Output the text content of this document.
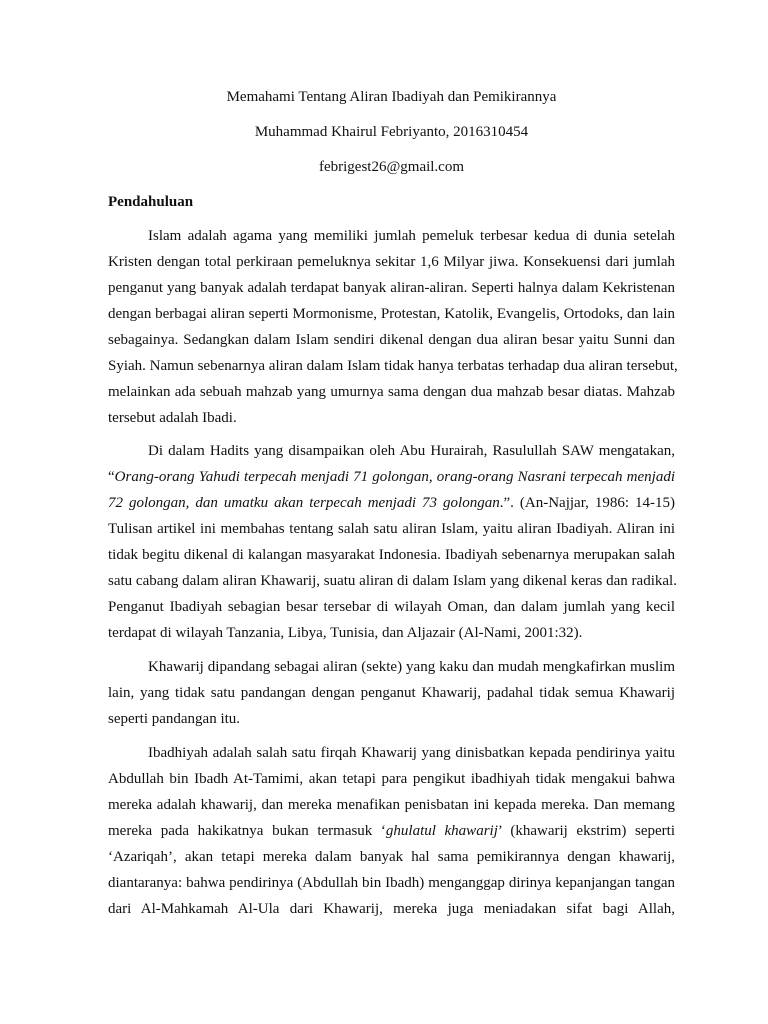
Memahami Tentang Aliran Ibadiyah dan Pemikirannya
Muhammad Khairul Febriyanto, 2016310454
febrigest26@gmail.com
Pendahuluan
Islam adalah agama yang memiliki jumlah pemeluk terbesar kedua di dunia setelah
Kristen dengan total perkiraan pemeluknya sekitar 1,6 Milyar jiwa. Konsekuensi dari jumlah
penganut yang banyak adalah terdapat banyak aliran-aliran. Seperti halnya dalam Kekristenan
dengan berbagai aliran seperti Mormonisme, Protestan, Katolik, Evangelis, Ortodoks, dan lain
sebagainya. Sedangkan dalam Islam sendiri dikenal dengan dua aliran besar yaitu Sunni dan
Syiah. Namun sebenarnya aliran dalam Islam tidak hanya terbatas terhadap dua aliran tersebut,
melainkan ada sebuah mahzab yang umurnya sama dengan dua mahzab besar diatas. Mahzab
tersebut adalah Ibadi.
Di dalam Hadits yang disampaikan oleh Abu Hurairah, Rasulullah SAW mengatakan,
“Orang-orang Yahudi terpecah menjadi 71 golongan, orang-orang Nasrani terpecah menjadi
72 golongan, dan umatku akan terpecah menjadi 73 golongan.”. (An-Najjar, 1986: 14-15)
Tulisan artikel ini membahas tentang salah satu aliran Islam, yaitu aliran Ibadiyah. Aliran ini
tidak begitu dikenal di kalangan masyarakat Indonesia. Ibadiyah sebenarnya merupakan salah
satu cabang dalam aliran Khawarij, suatu aliran di dalam Islam yang dikenal keras dan radikal.
Penganut Ibadiyah sebagian besar tersebar di wilayah Oman, dan dalam jumlah yang kecil
terdapat di wilayah Tanzania, Libya, Tunisia, dan Aljazair (Al-Nami, 2001:32).
Khawarij dipandang sebagai aliran (sekte) yang kaku dan mudah mengkafirkan muslim
lain, yang tidak satu pandangan dengan penganut Khawarij, padahal tidak semua Khawarij
seperti pandangan itu.
Ibadhiyah adalah salah satu firqah Khawarij yang dinisbatkan kepada pendirinya yaitu
Abdullah bin Ibadh At-Tamimi, akan tetapi para pengikut ibadhiyah tidak mengakui bahwa
mereka adalah khawarij, dan mereka menafikan penisbatan ini kepada mereka. Dan memang
mereka pada hakikatnya bukan termasuk ‘ghulatul khawarij’ (khawarij ekstrim) seperti
‘Azariqah’, akan tetapi mereka dalam banyak hal sama pemikirannya dengan khawarij,
diantaranya: bahwa pendirinya (Abdullah bin Ibadh) menganggap dirinya kepanjangan tangan
dari Al-Mahkamah Al-Ula dari Khawarij, mereka juga meniadakan sifat bagi Allah,
